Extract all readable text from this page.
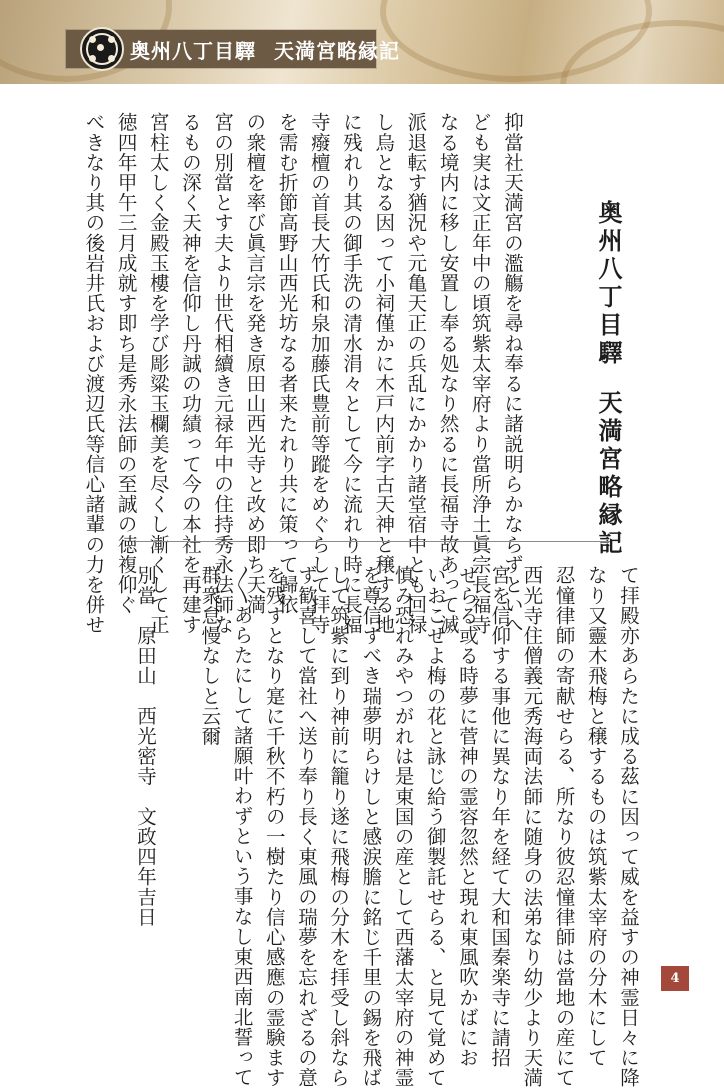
奥州八丁目驛 天満宮略縁記
奥州八丁目驛天満宮略縁記
抑當社天満宮の濫觴を尋ね奉るに諸説明らかならずといへ
ども実は文正年中の頃筑紫太宰府より當所浄土眞宗長福寺
なる境内に移し安置し奉る処なり然るに長福寺故あって滅
派退転す猶況や元亀天正の兵乱にかかり諸堂宿中とも回禄
し烏となる因って小祠僅かに木戸内前字古天神と穣する地
に残れり其の御手洗の清水涓々として今に流れり時に長福
寺癈檀の首長大竹氏和泉加藤氏豊前等蹤をめぐらして拝寺
を需む折節高野山西光坊なる者来たれり共に策って歸依
の衆檀を率び眞言宗を発き原田山西光寺と改め即ち天満
宮の別當とす夫より世代相續き元禄年中の住持秀永法師な
るもの深く天神を信仰し丹誠の功績って今の本社を再建す
宮柱太しく金殿玉樓を学び彫粱玉欄美を尽くし漸くして正
徳四年甲午三月成就す即ち是秀永法師の至誠の徳複仰ぐ
べきなり其の後岩井氏および渡辺氏等信心諸輩の力を併せ
て拝殿亦あらたに成る茲に因って威を益すの神霊日々に降
なり又靈木飛梅と穣するものは筑紫太宰府の分木にして
忍憧律師の寄献せらる、所なり彼忍憧律師は當地の産にて
西光寺住僧義元秀海両法師に随身の法弟なり幼少より天満
宮を信仰する事他に異なり年を経て大和国秦楽寺に請招
せらる或る時夢に菅神の霊容忽然と現れ東風吹かばにお
いおこせよ梅の花と詠じ給う御製託せらる、と見て覚めて
慎み恐れみやつがれは是東国の産として西藩太宰府の神霊
を尊信すべき瑞夢明らけしと感涙膽に銘じ千里の錫を飛ば
して筑紫に到り神前に籠り遂に飛梅の分木を拝受し斜なら
ず歓喜して當社へ送り奉り長く東風の瑞夢を忘れざるの意
を残すとなり寔に千秋不朽の一樹たり信心感應の霊験ます
〳〵あらたにして諸願叶わずという事なし東西南北誓って
群衆怠慢なしと云爾

別當　原田山　西光密寺　文政四年吉日
4
